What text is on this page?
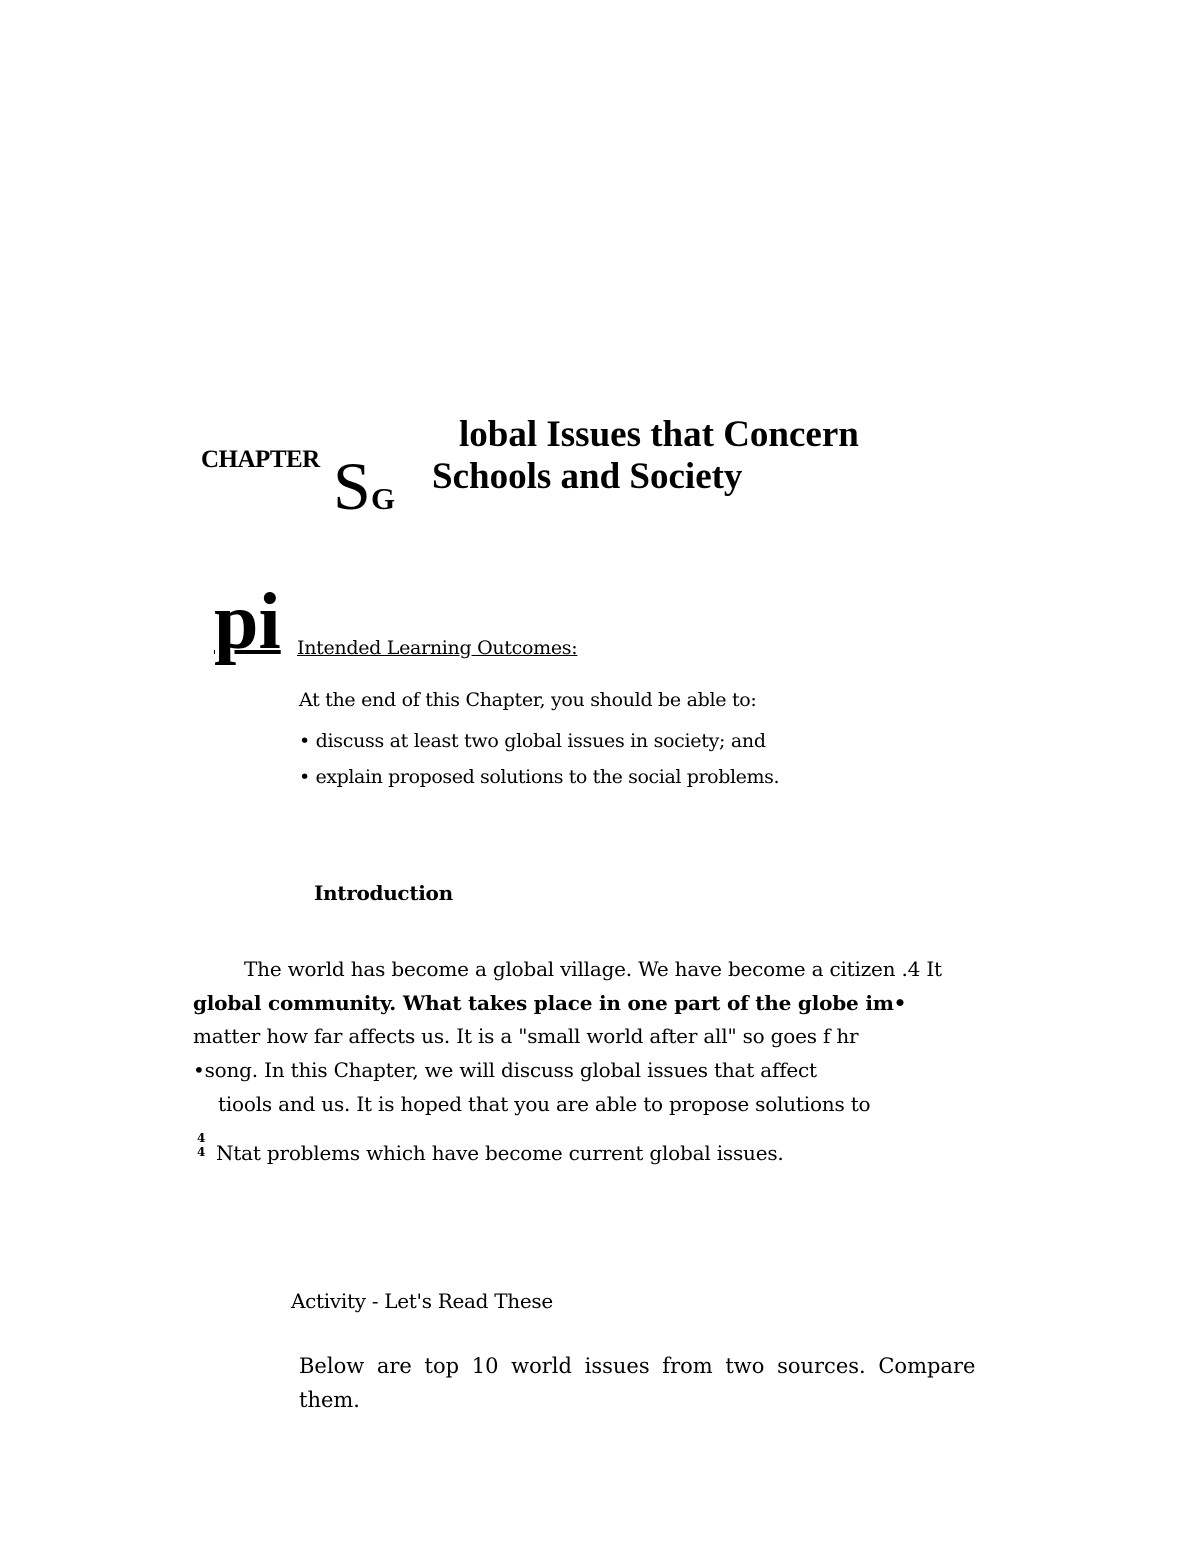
CHAPTER S G
lobal Issues that Concern
Schools and Society
pi Intended Learning Outcomes:
At the end of this Chapter, you should be able to:
• discuss at least two global issues in society; and
• explain proposed solutions to the social problems.
Introduction
The world has become a global village. We have become a citizen .4 It
global community. What takes place in one part of the globe im•
matter how far affects us. It is a "small world after all" so goes f hr
•song. In this Chapter, we will discuss global issues that affect
tiools and us. It is hoped that you are able to propose solutions to
4
4 Ntat problems which have become current global issues.
Activity - Let's Read These
Below are top 10 world issues from two sources. Compare
them.
